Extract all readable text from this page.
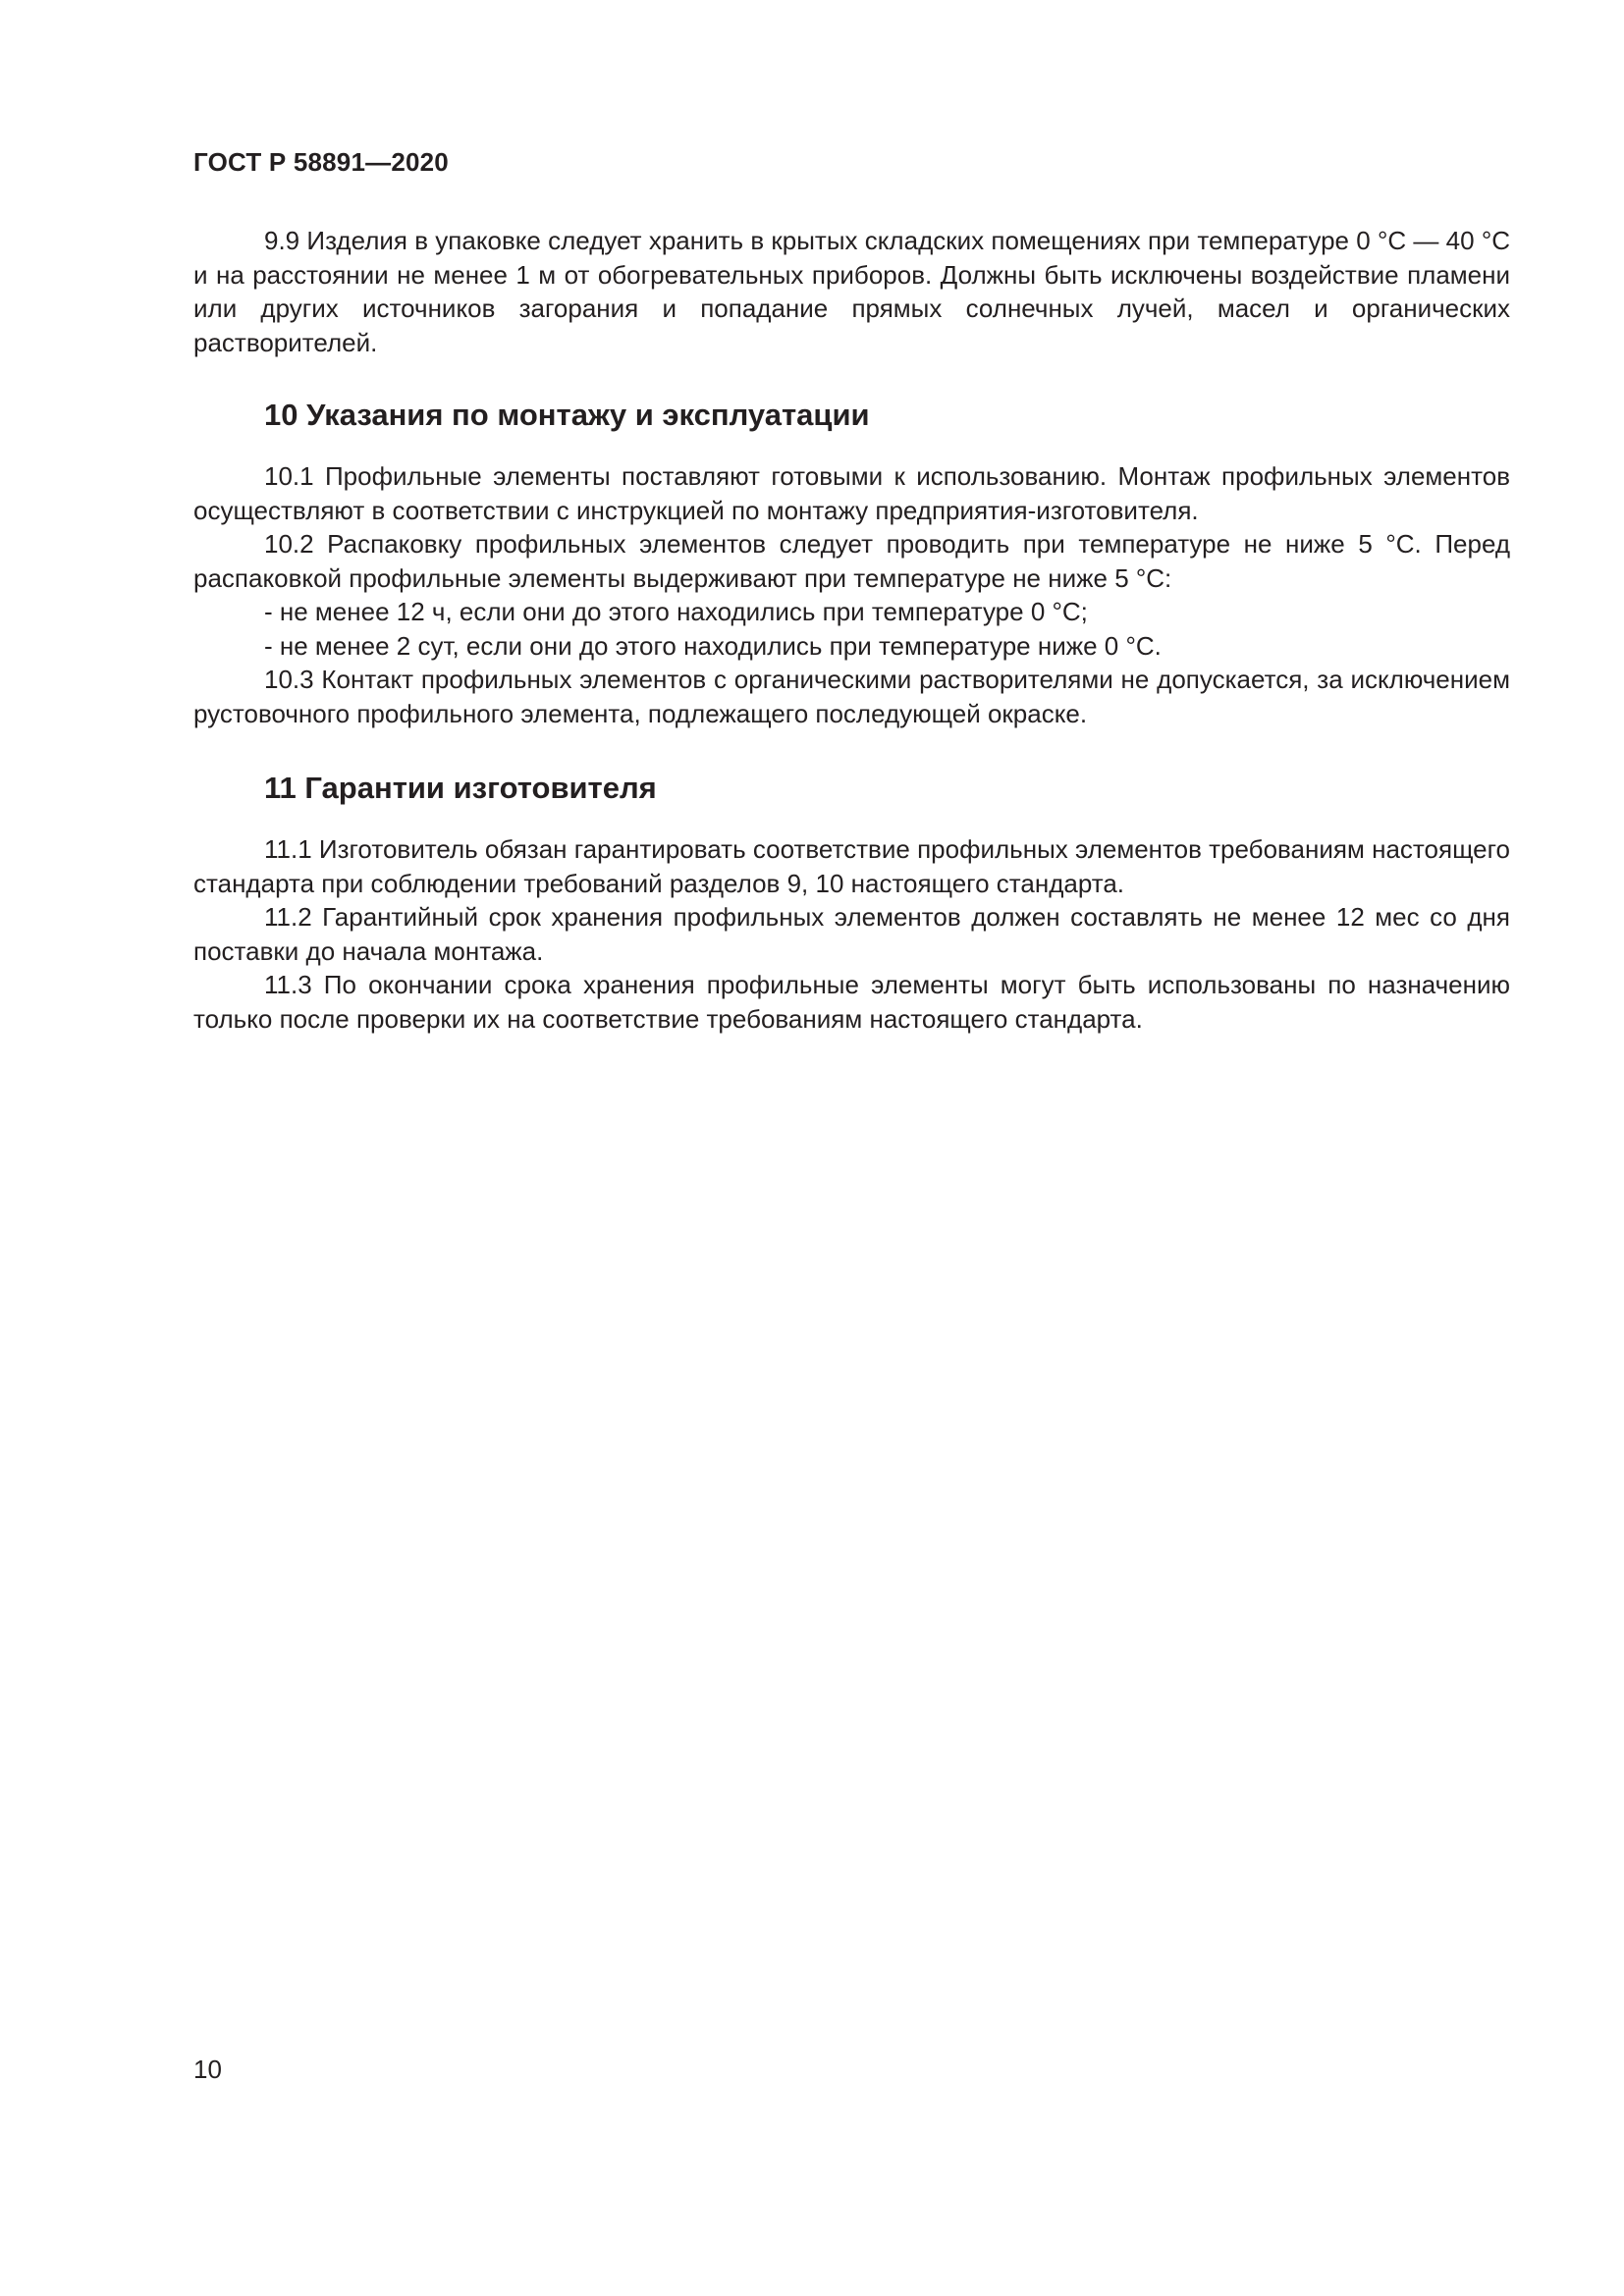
ГОСТ Р 58891—2020

9.9 Изделия в упаковке следует хранить в крытых складских помещениях при температуре 0 °С — 40 °С и на расстоянии не менее 1 м от обогревательных приборов. Должны быть исключены воздействие пламени или других источников загорания и попадание прямых солнечных лучей, масел и органических растворителей.

10 Указания по монтажу и эксплуатации

10.1 Профильные элементы поставляют готовыми к использованию. Монтаж профильных элементов осуществляют в соответствии с инструкцией по монтажу предприятия-изготовителя.

10.2 Распаковку профильных элементов следует проводить при температуре не ниже 5 °С. Перед распаковкой профильные элементы выдерживают при температуре не ниже 5 °С:

- не менее 12 ч, если они до этого находились при температуре 0 °С;

- не менее 2 сут, если они до этого находились при температуре ниже 0 °С.

10.3 Контакт профильных элементов с органическими растворителями не допускается, за исключением рустовочного профильного элемента, подлежащего последующей окраске.

11 Гарантии изготовителя

11.1 Изготовитель обязан гарантировать соответствие профильных элементов требованиям настоящего стандарта при соблюдении требований разделов 9, 10 настоящего стандарта.

11.2 Гарантийный срок хранения профильных элементов должен составлять не менее 12 мес со дня поставки до начала монтажа.

11.3 По окончании срока хранения профильные элементы могут быть использованы по назначению только после проверки их на соответствие требованиям настоящего стандарта.

10
